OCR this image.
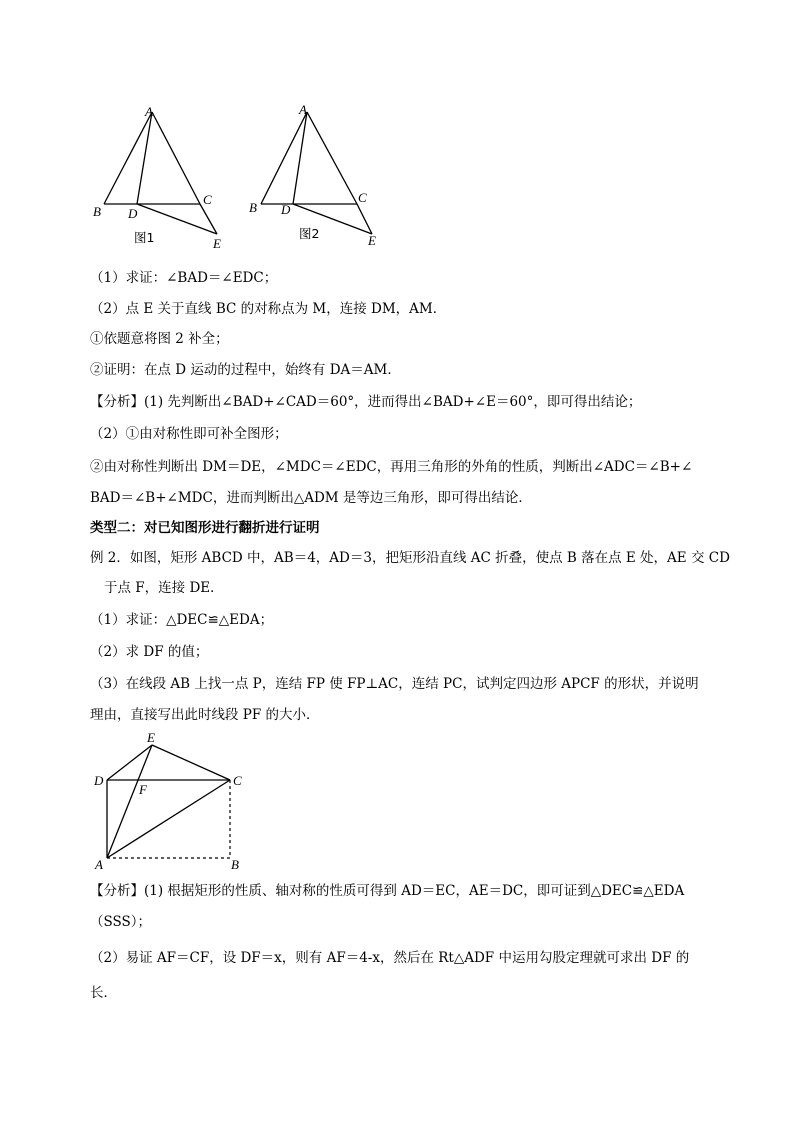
A
B D
C
E
图1
A
B D
C
E
图2
（1）求证：∠BAD＝∠EDC；
（2）点 E 关于直线 BC 的对称点为 M，连接 DM，AM．
①依题意将图 2 补全；
②证明：在点 D 运动的过程中，始终有 DA＝AM．
【分析】(1) 先判断出∠BAD+∠CAD＝60°，进而得出∠BAD+∠E＝60°，即可得出结论；
（2）①由对称性即可补全图形；
②由对称性判断出 DM＝DE，∠MDC＝∠EDC，再用三角形的外角的性质，判断出∠ADC＝∠B+∠
BAD＝∠B+∠MDC，进而判断出△ADM 是等边三角形，即可得出结论．
类型二：对已知图形进行翻折进行证明
例 2．如图，矩形 ABCD 中，AB＝4，AD＝3，把矩形沿直线 AC 折叠，使点 B 落在点 E 处，AE 交 CD
于点 F，连接 DE．
（1）求证：△DEC≌△EDA；
（2）求 DF 的值；
（3）在线段 AB 上找一点 P，连结 FP 使 FP⊥AC，连结 PC，试判定四边形 APCF 的形状，并说明
理由，直接写出此时线段 PF 的大小．
E
D	C
F
A	B
【分析】(1) 根据矩形的性质、轴对称的性质可得到 AD＝EC，AE＝DC，即可证到△DEC≌△EDA
（SSS）；
（2）易证 AF＝CF，设 DF＝x，则有 AF＝4-x，然后在 Rt△ADF 中运用勾股定理就可求出 DF 的
长．
